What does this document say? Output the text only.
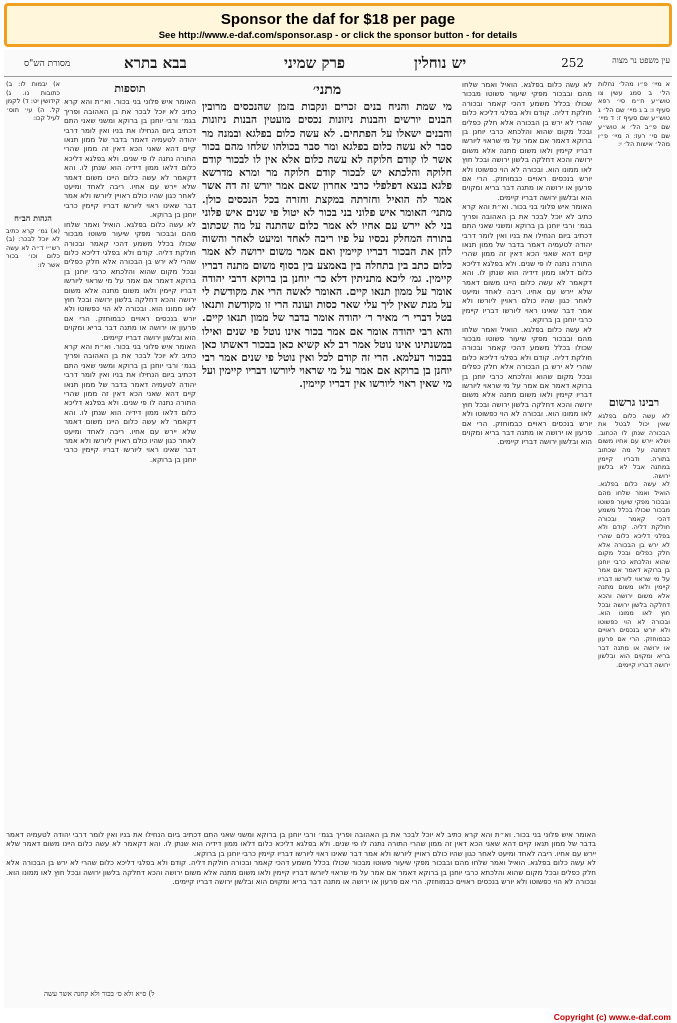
Sponsor the daf for $18 per page
See http://www.e-daf.com/sponsor.asp - or click the sponsor button - for details
מסורת הש"ס	בבא בתרא	פרק שמיני	יש נוחלין	252	עין משפט נר מצוה

א מיי׳ פ״ו מהל׳ נחלות הל׳ ב סמג עשין צו טוש״ע ח״מ סי׳ רפא סעיף ו: ב ג מיי׳ שם הל׳ ג טוש״ע שם סעיף ז: ד מיי׳ שם פ״ב הל׳ א טוש״ע שם סי׳ רעז: ה מיי׳ פ״ו מהל׳ אישות הל׳ י:

רבינו גרשום

לא עשה כלום בפלגא שאין יכול לבטל את הבכורה שנתן לו הכתוב. ושלא יירש עם אחיו משום דמתנה על מה שכתוב בתורה. ודבריו קיימין במתנה אבל לא בלשון ירושה.

לא עשה כלום בפלגא. הואיל ואמר שלחו מהם ובבכור מפקי שיעור פשוטו מבכור שכולו בכלל משמע דהכי קאמר ובכורה חולקת דליה. קודם ולא בפלגי דליכא כלום שהרי לא ירש בן הבכורה אלא חלק כפלים ובכל מקום שהוא והלכתא כרבי יוחנן בן ברוקא דאמר אם אמר על מי שראוי ליורשו דבריו קיימין ולאו משום מתנה אלא משום ירושה והכא דחלקה בלשון ירושה ובכל חוץ לאו ממונו הוא. ובכורה לא הוי כפשוטו ולא יורש בנכסים ראויים כבמוחזק. הרי אם פרעון או ירושה או מתנה דבר בריא ומקוים הוא ובלשון ירושה דבריו קיימים.

לא עשה כלום בפלגא. הואיל ואמר שלחו מהם ובבכור מפקי שיעור פשוטו מבכור שכולו בכלל משמע דהכי קאמר ובכורה חולקת דליה. קודם ולא בפלגי דליכא כלום שהרי לא ירש בן הבכורה אלא חלק כפלים ובכל מקום שהוא והלכתא כרבי יוחנן בן ברוקא דאמר אם אמר על מי שראוי ליורשו דבריו קיימין ולאו משום מתנה אלא משום ירושה והכא דחלקה בלשון ירושה ובכל חוץ לאו ממונו הוא. ובכורה לא הוי כפשוטו ולא יורש בנכסים ראויים כבמוחזק. הרי אם פרעון או ירושה או מתנה דבר בריא ומקוים הוא ובלשון ירושה דבריו קיימים.

האומר איש פלוני בני בכור. וא״ת והא קרא כתיב לא יוכל לבכר את בן האהובה ופריך בגמ׳ ורבי יוחנן בן ברוקא ומשני שאני התם דכתיב ביום הנחילו את בניו ואין לומר דרבי יהודה לטעמיה דאמר בדבר של ממון תנאו קיים דהא שאני הכא דאין זה ממון שהרי התורה נתנה לו פי שנים. ולא בפלגא דליכא כלום דלאו ממון דידיה הוא שנתן לו. והא דקאמר לא עשה כלום היינו משום דאמר שלא יירש עם אחיו. ריבה לאחד ומיעט לאחר כגון שהיו כולם ראויין ליורשו ולא אמר דבר שאינו ראוי ליורשו דבריו קיימין כרבי יוחנן בן ברוקא.

לא עשה כלום בפלגא. הואיל ואמר שלחו מהם ובבכור מפקי שיעור פשוטו מבכור שכולו בכלל משמע דהכי קאמר ובכורה חולקת דליה. קודם ולא בפלגי דליכא כלום שהרי לא ירש בן הבכורה אלא חלק כפלים ובכל מקום שהוא והלכתא כרבי יוחנן בן ברוקא דאמר אם אמר על מי שראוי ליורשו דבריו קיימין ולאו משום מתנה אלא משום ירושה והכא דחלקה בלשון ירושה ובכל חוץ לאו ממונו הוא. ובכורה לא הוי כפשוטו ולא יורש בנכסים ראויים כבמוחזק. הרי אם פרעון או ירושה או מתנה דבר בריא ומקוים הוא ובלשון ירושה דבריו קיימים.

מתני׳

מי שמת והניח בנים זכרים ונקבות בזמן שהנכסים מרובין הבנים יורשים והבנות ניזונות נכסים מועטין הבנות ניזונות והבנים ישאלו על הפתחים. לא עשה כלום בפלגא ובמנה מר סבר לא עשה כלום בפלגא ומר סבר בכולהו שלחו מהם בכור אשר לו קודם חלוקה לא עשה כלום אלא אין לו לבכור קודם חלוקה והלכתא יש לבכור קודם חלוקה מר ומרא מדרשא פלגא בנצא דפלפלי כרבי אחרון שאם אמר יורש זה דה אשר אמר לה הואיל וחזרתה במקצת וחזרה בכל הנכסים כולן. מתני׳ האומר איש פלוני בני בכור לא יטול פי שנים איש פלוני בני לא יירש עם אחיו לא אמר כלום שהתנה על מה שכתוב בתורה המחלק נכסיו על פיו ריבה לאחד ומיעט לאחר והשוה להן את הבכור דבריו קיימין ואם אמר משום ירושה לא אמר כלום כתב בין בתחלה בין באמצע בין בסוף משום מתנה דבריו קיימין. גמ׳ ליכא מתניתין דלא כר׳ יוחנן בן ברוקא דרבי יהודה אומר על ממון תנאו קיים. האומר לאשה הרי את מקודשת לי על מנת שאין ליך עלי שאר כסות ועונה הרי זו מקודשת ותנאו בטל דברי ר׳ מאיר ר׳ יהודה אומר בדבר של ממון תנאו קיים. והא רבי יהודה אומר אם אמר בכור אינו נוטל פי שנים ואילו במשנתינו אינו נוטל אמר רב לא קשיא כאן בבכור דאשתו כאן בבכור דעלמא. הרי זה קודם לכל ואין נוטל פי שנים אמר רבי יוחנן בן ברוקא אם אמר על מי שראוי ליורשו דבריו קיימין ועל מי שאין ראוי ליורשו אין דבריו קיימין.

תוספות

האומר איש פלוני בני בכור. וא״ת והא קרא כתיב לא יוכל לבכר את בן האהובה ופריך בגמ׳ ורבי יוחנן בן ברוקא ומשני שאני התם דכתיב ביום הנחילו את בניו ואין לומר דרבי יהודה לטעמיה דאמר בדבר של ממון תנאו קיים דהא שאני הכא דאין זה ממון שהרי התורה נתנה לו פי שנים. ולא בפלגא דליכא כלום דלאו ממון דידיה הוא שנתן לו. והא דקאמר לא עשה כלום היינו משום דאמר שלא יירש עם אחיו. ריבה לאחד ומיעט לאחר כגון שהיו כולם ראויין ליורשו ולא אמר דבר שאינו ראוי ליורשו דבריו קיימין כרבי יוחנן בן ברוקא.

לא עשה כלום בפלגא. הואיל ואמר שלחו מהם ובבכור מפקי שיעור פשוטו מבכור שכולו בכלל משמע דהכי קאמר ובכורה חולקת דליה. קודם ולא בפלגי דליכא כלום שהרי לא ירש בן הבכורה אלא חלק כפלים ובכל מקום שהוא והלכתא כרבי יוחנן בן ברוקא דאמר אם אמר על מי שראוי ליורשו דבריו קיימין ולאו משום מתנה אלא משום ירושה והכא דחלקה בלשון ירושה ובכל חוץ לאו ממונו הוא. ובכורה לא הוי כפשוטו ולא יורש בנכסים ראויים כבמוחזק. הרי אם פרעון או ירושה או מתנה דבר בריא ומקוים הוא ובלשון ירושה דבריו קיימים.

האומר איש פלוני בני בכור. וא״ת והא קרא כתיב לא יוכל לבכר את בן האהובה ופריך בגמ׳ ורבי יוחנן בן ברוקא ומשני שאני התם דכתיב ביום הנחילו את בניו ואין לומר דרבי יהודה לטעמיה דאמר בדבר של ממון תנאו קיים דהא שאני הכא דאין זה ממון שהרי התורה נתנה לו פי שנים. ולא בפלגא דליכא כלום דלאו ממון דידיה הוא שנתן לו. והא דקאמר לא עשה כלום היינו משום דאמר שלא יירש עם אחיו. ריבה לאחד ומיעט לאחר כגון שהיו כולם ראויין ליורשו ולא אמר דבר שאינו ראוי ליורשו דבריו קיימין כרבי יוחנן בן ברוקא.

א) יבמות לו: ב) כתובות נו. ג) קידושין יט: ד) לקמן קל. ה) עי׳ תוס׳ לעיל קכו:

הגהות הב״ח

(א) גמ׳ קרא כתיב לא יוכל לבכר: (ב) רש״י ד״ה לא עשה כלום וכו׳ בכור אשר לו:

האומר איש פלוני בני בכור. וא״ת והא קרא כתיב לא יוכל לבכר את בן האהובה ופריך בגמ׳ ורבי יוחנן בן ברוקא ומשני שאני התם דכתיב ביום הנחילו את בניו ואין לומר דרבי יהודה לטעמיה דאמר בדבר של ממון תנאו קיים דהא שאני הכא דאין זה ממון שהרי התורה נתנה לו פי שנים. ולא בפלגא דליכא כלום דלאו ממון דידיה הוא שנתן לו. והא דקאמר לא עשה כלום היינו משום דאמר שלא יירש עם אחיו. ריבה לאחד ומיעט לאחר כגון שהיו כולם ראויין ליורשו ולא אמר דבר שאינו ראוי ליורשו דבריו קיימין כרבי יוחנן בן ברוקא.

לא עשה כלום בפלגא. הואיל ואמר שלחו מהם ובבכור מפקי שיעור פשוטו מבכור שכולו בכלל משמע דהכי קאמר ובכורה חולקת דליה. קודם ולא בפלגי דליכא כלום שהרי לא ירש בן הבכורה אלא חלק כפלים ובכל מקום שהוא והלכתא כרבי יוחנן בן ברוקא דאמר אם אמר על מי שראוי ליורשו דבריו קיימין ולאו משום מתנה אלא משום ירושה והכא דחלקה בלשון ירושה ובכל חוץ לאו ממונו הוא. ובכורה לא הוי כפשוטו ולא יורש בנכסים ראויים כבמוחזק. הרי אם פרעון או ירושה או מתנה דבר בריא ומקוים הוא ובלשון ירושה דבריו קיימים.

ל) ס״א ולא ס׳ בכור ולא קחנה אשר עשה
Copyright (c) www.e-daf.com
